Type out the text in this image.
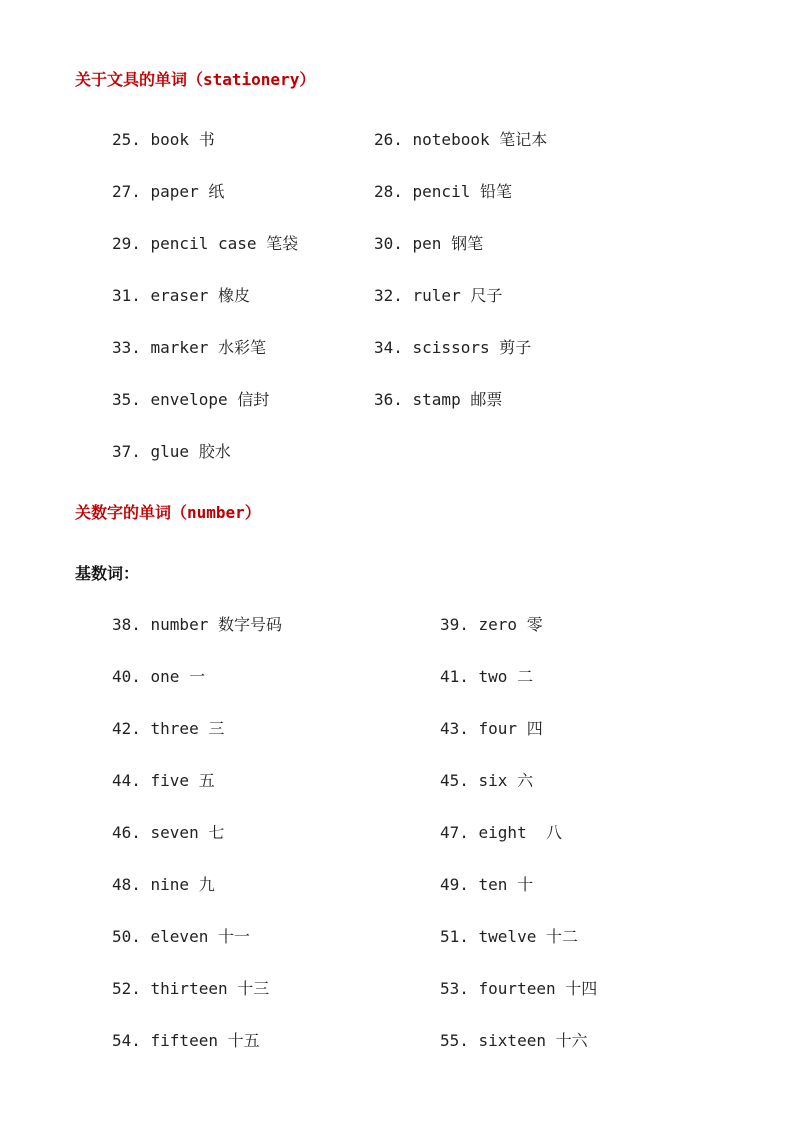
关于文具的单词（stationery）
25. book 书	26. notebook 笔记本
27. paper 纸	28. pencil 铅笔
29. pencil case 笔袋	30. pen 钢笔
31. eraser 橡皮	32. ruler 尺子
33. marker 水彩笔	34. scissors 剪子
35. envelope 信封	36. stamp 邮票
37. glue 胶水
关数字的单词（number）
基数词：
38. number 数字号码	39. zero 零
40. one 一	41. two 二
42. three 三	43. four 四
44. five 五	45. six 六
46. seven 七	47. eight  八
48. nine 九	49. ten 十
50. eleven 十一	51. twelve 十二
52. thirteen 十三	53. fourteen 十四
54. fifteen 十五	55. sixteen 十六
